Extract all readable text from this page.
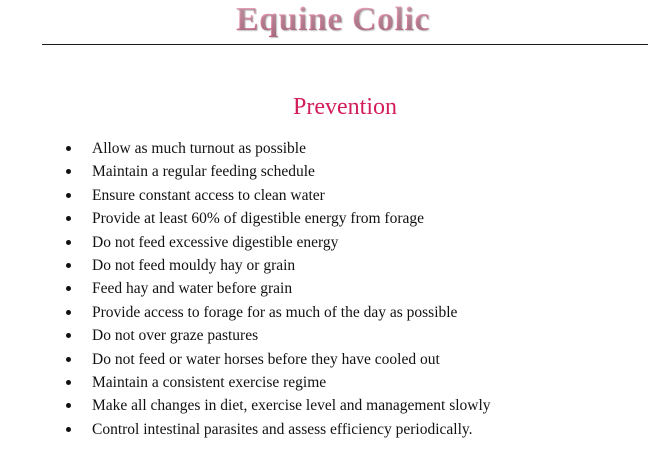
Equine Colic
Prevention
Allow as much turnout as possible
Maintain a regular feeding schedule
Ensure constant access to clean water
Provide at least 60% of digestible energy from forage
Do not feed excessive digestible energy
Do not feed mouldy hay or grain
Feed hay and water before grain
Provide access to forage for as much of the day as possible
Do not over graze pastures
Do not feed or water horses before they have cooled out
Maintain a consistent exercise regime
Make all changes in diet, exercise level and management slowly
Control intestinal parasites and assess efficiency periodically.
